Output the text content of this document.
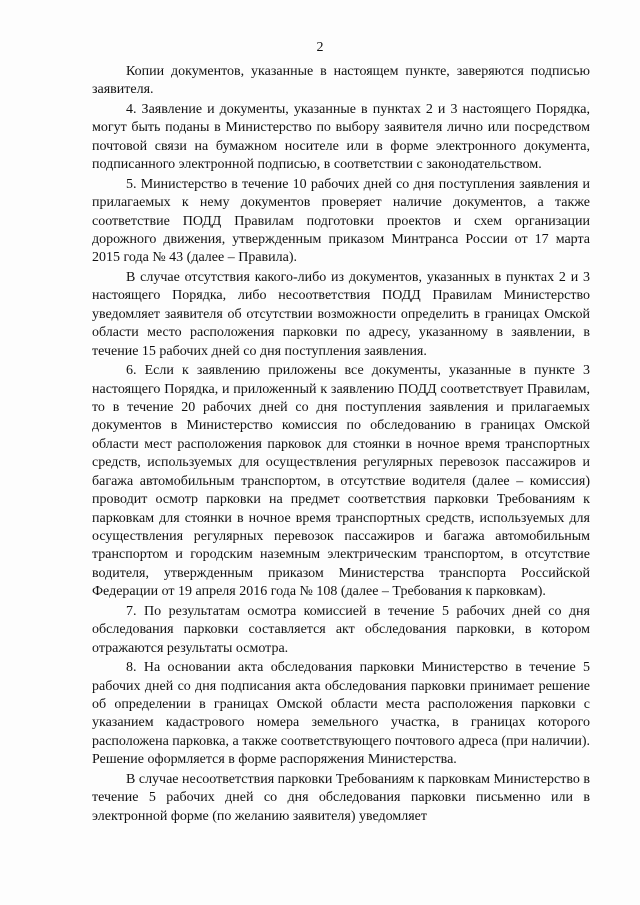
2

Копии документов, указанные в настоящем пункте, заверяются подписью заявителя.

4. Заявление и документы, указанные в пунктах 2 и 3 настоящего Порядка, могут быть поданы в Министерство по выбору заявителя лично или посредством почтовой связи на бумажном носителе или в форме электронного документа, подписанного электронной подписью, в соответствии с законодательством.

5. Министерство в течение 10 рабочих дней со дня поступления заявления и прилагаемых к нему документов проверяет наличие документов, а также соответствие ПОДД Правилам подготовки проектов и схем организации дорожного движения, утвержденным приказом Минтранса России от 17 марта 2015 года № 43 (далее – Правила).

В случае отсутствия какого-либо из документов, указанных в пунктах 2 и 3 настоящего Порядка, либо несоответствия ПОДД Правилам Министерство уведомляет заявителя об отсутствии возможности определить в границах Омской области место расположения парковки по адресу, указанному в заявлении, в течение 15 рабочих дней со дня поступления заявления.

6. Если к заявлению приложены все документы, указанные в пункте 3 настоящего Порядка, и приложенный к заявлению ПОДД соответствует Правилам, то в течение 20 рабочих дней со дня поступления заявления и прилагаемых документов в Министерство комиссия по обследованию в границах Омской области мест расположения парковок для стоянки в ночное время транспортных средств, используемых для осуществления регулярных перевозок пассажиров и багажа автомобильным транспортом, в отсутствие водителя (далее – комиссия) проводит осмотр парковки на предмет соответствия парковки Требованиям к парковкам для стоянки в ночное время транспортных средств, используемых для осуществления регулярных перевозок пассажиров и багажа автомобильным транспортом и городским наземным электрическим транспортом, в отсутствие водителя, утвержденным приказом Министерства транспорта Российской Федерации от 19 апреля 2016 года № 108 (далее – Требования к парковкам).

7. По результатам осмотра комиссией в течение 5 рабочих дней со дня обследования парковки составляется акт обследования парковки, в котором отражаются результаты осмотра.

8. На основании акта обследования парковки Министерство в течение 5 рабочих дней со дня подписания акта обследования парковки принимает решение об определении в границах Омской области места расположения парковки с указанием кадастрового номера земельного участка, в границах которого расположена парковка, а также соответствующего почтового адреса (при наличии). Решение оформляется в форме распоряжения Министерства.

В случае несоответствия парковки Требованиям к парковкам Министерство в течение 5 рабочих дней со дня обследования парковки письменно или в электронной форме (по желанию заявителя) уведомляет
